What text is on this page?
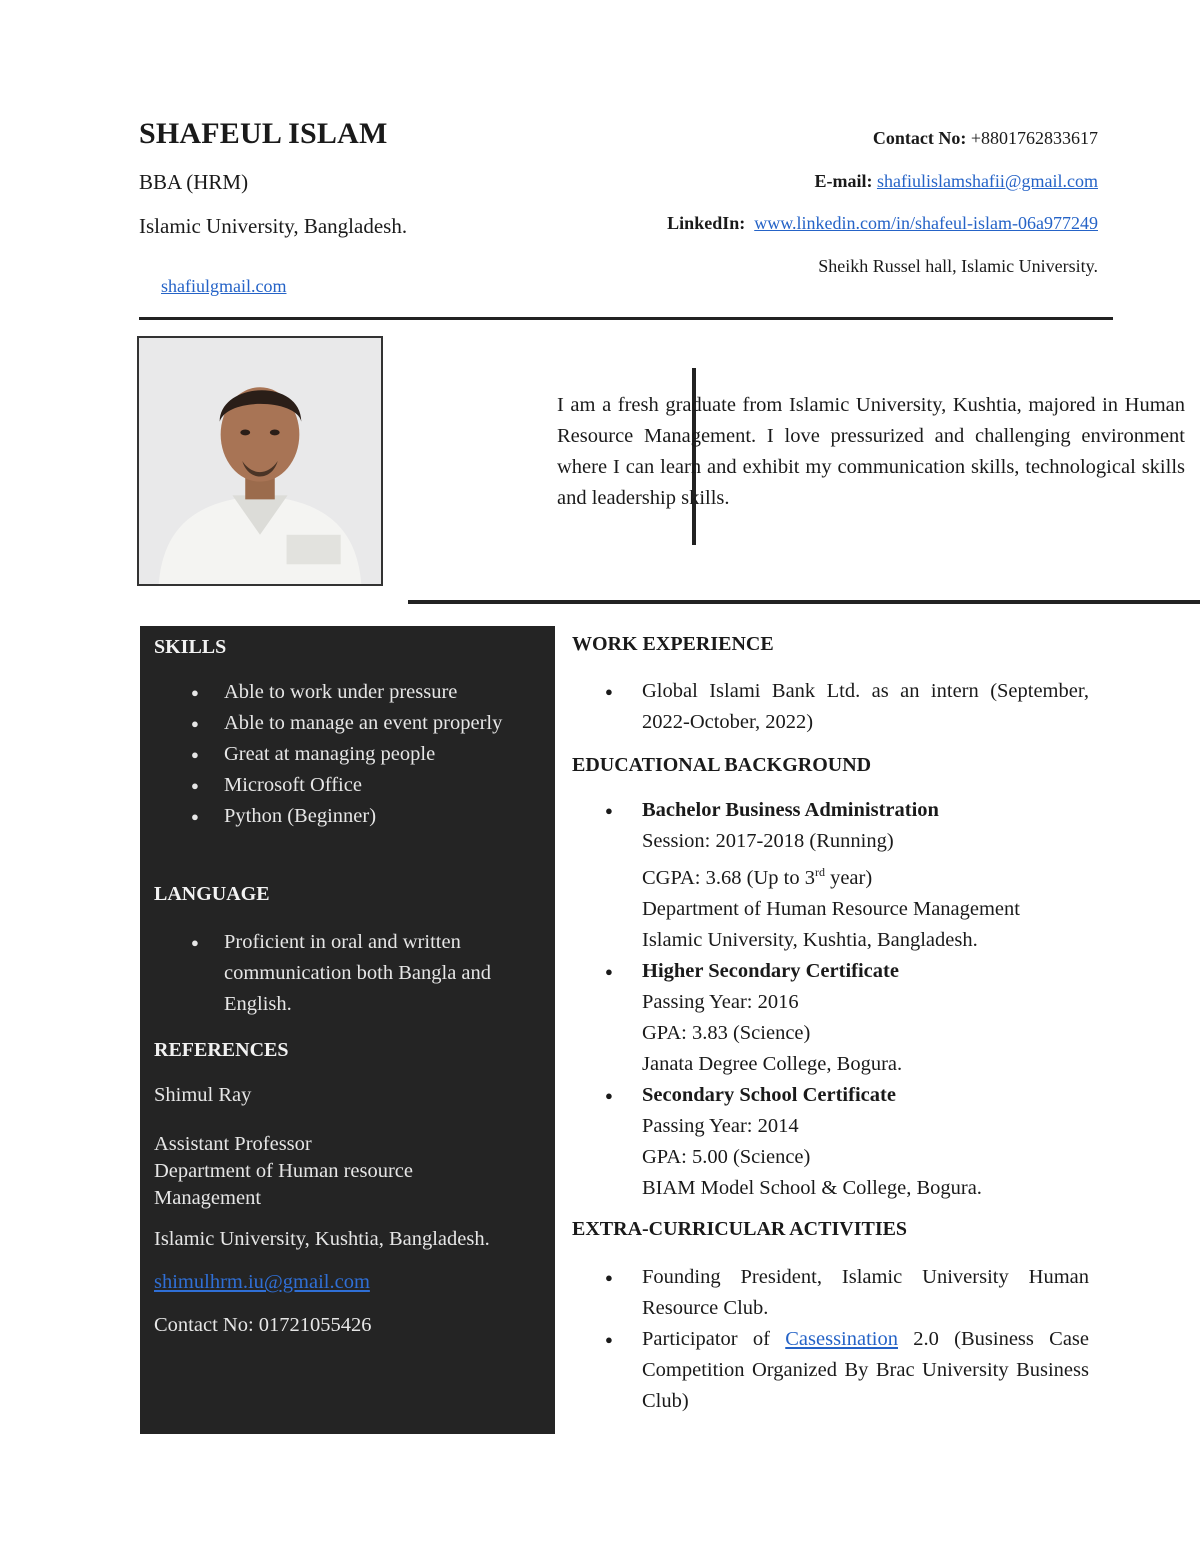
SHAFEUL ISLAM
BBA (HRM)
Islamic University, Bangladesh.
shafiulgmail.com
Contact No: +8801762833617
E-mail: shafiulislamshafii@gmail.com
LinkedIn: www.linkedin.com/in/shafeul-islam-06a977249
Sheikh Russel hall, Islamic University.
I am a fresh graduate from Islamic University, Kushtia, majored in Human Resource Management. I love pressurized and challenging environment where I can learn and exhibit my communication skills, technological skills and leadership skills.
SKILLS
● Able to work under pressure
● Able to manage an event properly
● Great at managing people
● Microsoft Office
● Python (Beginner)
LANGUAGE
● Proficient in oral and written communication both Bangla and English.
REFERENCES
Shimul Ray
Assistant Professor
Department of Human resource
Management
Islamic University, Kushtia, Bangladesh.
shimulhrm.iu@gmail.com
Contact No: 01721055426
WORK EXPERIENCE
● Global Islami Bank Ltd. as an intern (September, 2022-October, 2022)
EDUCATIONAL BACKGROUND
● Bachelor Business Administration
Session: 2017-2018 (Running)
CGPA: 3.68 (Up to 3rd year)
Department of Human Resource Management
Islamic University, Kushtia, Bangladesh.
● Higher Secondary Certificate
Passing Year: 2016
GPA: 3.83 (Science)
Janata Degree College, Bogura.
● Secondary School Certificate
Passing Year: 2014
GPA: 5.00 (Science)
BIAM Model School & College, Bogura.
EXTRA-CURRICULAR ACTIVITIES
● Founding President, Islamic University Human Resource Club.
● Participator of Casessination 2.0 (Business Case Competition Organized By Brac University Business Club)
